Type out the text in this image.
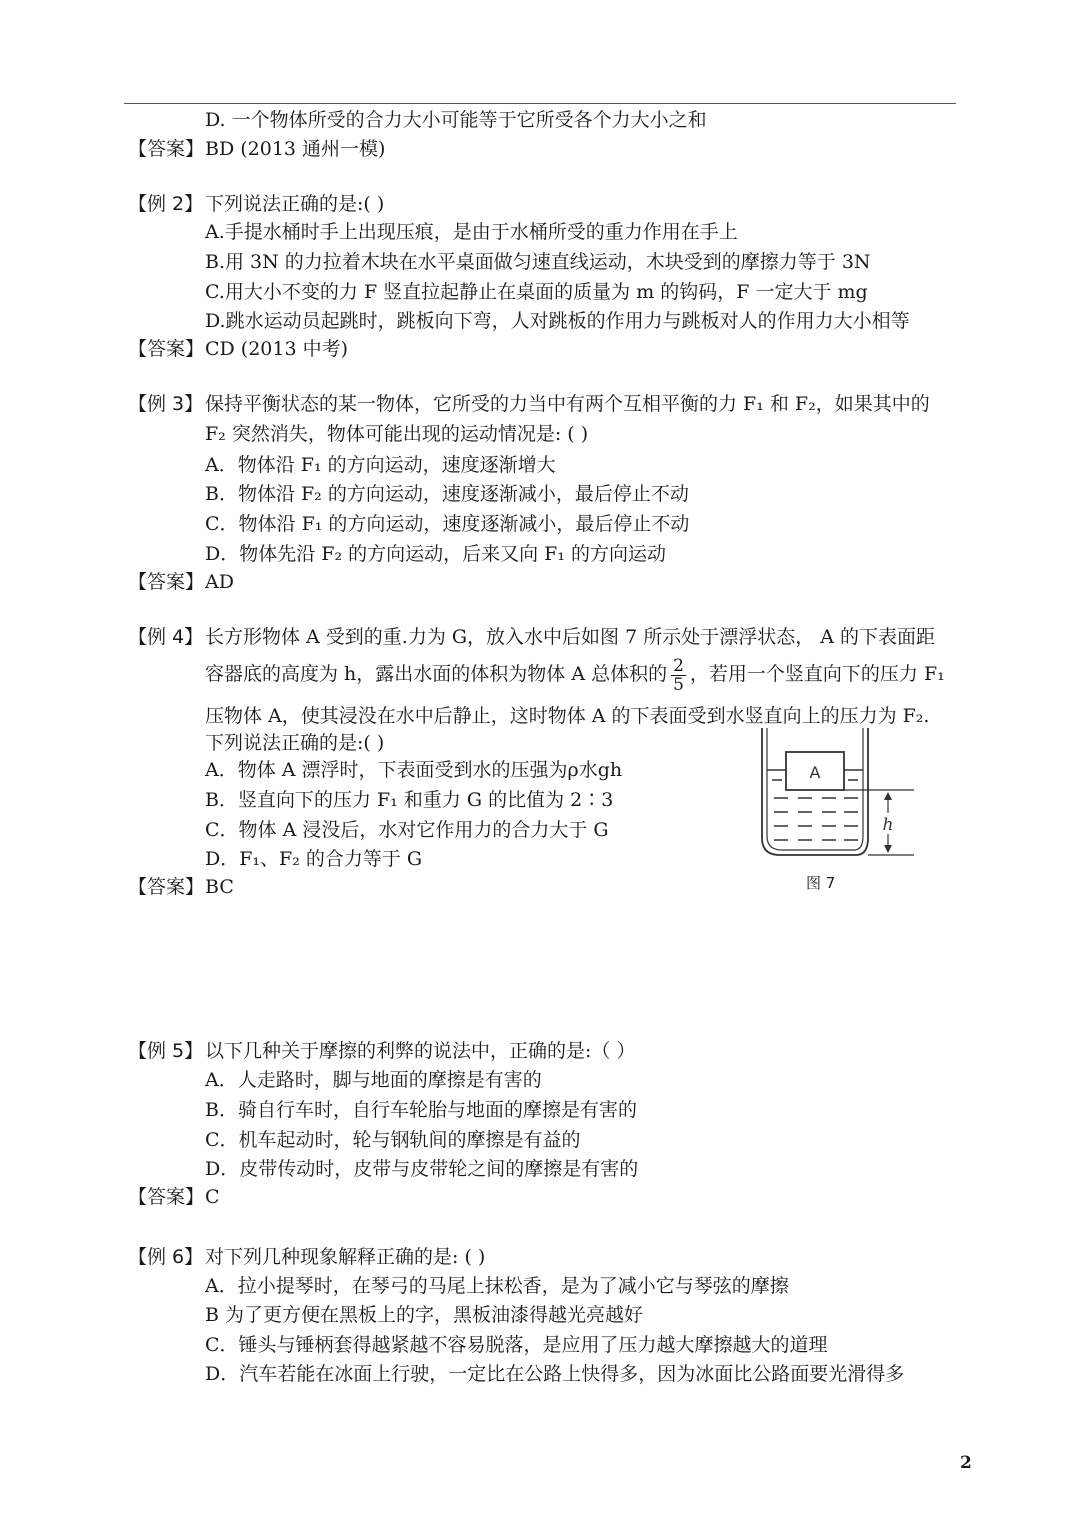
D. 一个物体所受的合力大小可能等于它所受各个力大小之和
【答案】 BD (2013 通州一模)
【例 2】 下列说法正确的是:( )
A.手提水桶时手上出现压痕，是由于水桶所受的重力作用在手上
B.用 3N 的力拉着木块在水平桌面做匀速直线运动，木块受到的摩擦力等于 3N
C.用大小不变的力 F 竖直拉起静止在桌面的质量为 m 的钩码，F 一定大于 mg
D.跳水运动员起跳时，跳板向下弯，人对跳板的作用力与跳板对人的作用力大小相等
【答案】 CD (2013 中考)
【例 3】 保持平衡状态的某一物体，它所受的力当中有两个互相平衡的力 F₁ 和 F₂，如果其中的
F₂ 突然消失，物体可能出现的运动情况是: ( )
A．物体沿 F₁ 的方向运动，速度逐渐增大
B．物体沿 F₂ 的方向运动，速度逐渐减小，最后停止不动
C．物体沿 F₁ 的方向运动，速度逐渐减小，最后停止不动
D．物体先沿 F₂ 的方向运动，后来又向 F₁ 的方向运动
【答案】 AD
【例 4】 长方形物体 A 受到的重.力为 G，放入水中后如图 7 所示处于漂浮状态， A 的下表面距
容器底的高度为 h，露出水面的体积为物体 A 总体积的 $\frac{2}{5}$ ，若用一个竖直向下的压力 F₁
压物体 A，使其浸没在水中后静止，这时物体 A 的下表面受到水竖直向上的压力为 F₂.
下列说法正确的是:( )
A．物体 A 漂浮时，下表面受到水的压强为ρ水gh
B．竖直向下的压力 F₁ 和重力 G 的比值为 2∶3
C．物体 A 浸没后，水对它作用力的合力大于 G
D．F₁、F₂ 的合力等于 G
【答案】 BC
A
h
图 7
【例 5】 以下几种关于摩擦的利弊的说法中，正确的是:（ ）
A．人走路时，脚与地面的摩擦是有害的
B．骑自行车时，自行车轮胎与地面的摩擦是有害的
C．机车起动时，轮与钢轨间的摩擦是有益的
D．皮带传动时，皮带与皮带轮之间的摩擦是有害的
【答案】 C
【例 6】 对下列几种现象解释正确的是: ( )
A．拉小提琴时，在琴弓的马尾上抹松香，是为了减小它与琴弦的摩擦
B 为了更方便在黑板上的字，黑板油漆得越光亮越好
C．锤头与锤柄套得越紧越不容易脱落，是应用了压力越大摩擦越大的道理
D．汽车若能在冰面上行驶，一定比在公路上快得多，因为冰面比公路面要光滑得多
2
